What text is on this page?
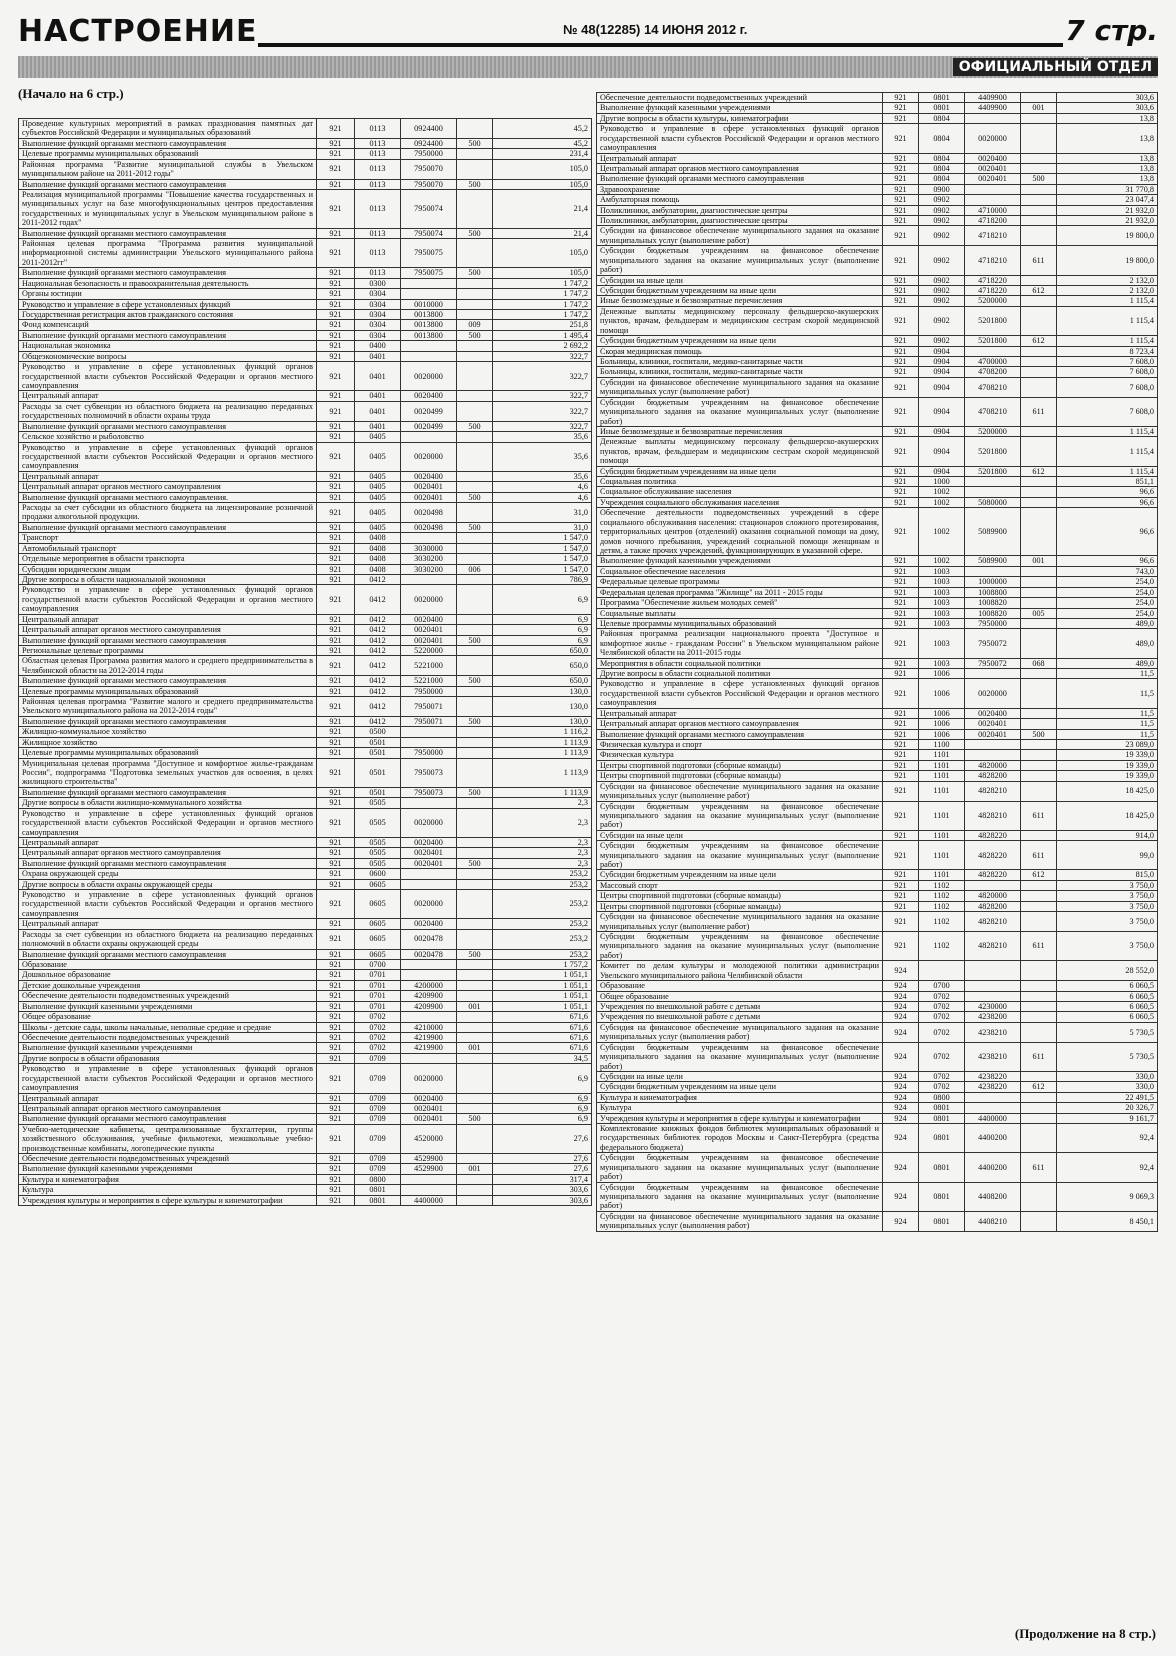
НАСТРОЕНИЕ	№ 48(12285) 14 ИЮНЯ 2012 г.	7 стр.
ОФИЦИАЛЬНЫЙ ОТДЕЛ
(Начало на 6 стр.)
Проведение культурных мероприятий в рамках празднования памятных дат субъектов Российской Федерации и муниципальных образований	921	0113	0924400		45,2
Выполнение функций органами местного самоуправления	921	0113	0924400	500	45,2
Целевые программы муниципальных образований	921	0113	7950000		231,4
Районная программа "Развитие муниципальной службы в Увельском муниципальном районе на 2011-2012 годы"	921	0113	7950070		105,0
Выполнение функций органами местного самоуправления	921	0113	7950070	500	105,0
Реализация муниципальной программы "Повышение качества государственных и муниципальных услуг на базе многофункциональных центров предоставления государственных и муниципальных услуг в Увельском муниципальном районе в 2011-2012 годах"	921	0113	7950074		21,4
Выполнение функций органами местного самоуправления	921	0113	7950074	500	21,4
Районная целевая программа "Программа развития муниципальной информационной системы администрации Увельского муниципального района 2011-2012гг"	921	0113	7950075		105,0
Выполнение функций органами местного самоуправления	921	0113	7950075	500	105,0
Национальная безопасность и правоохранительная деятельность	921	0300			1 747,2
Органы юстиции	921	0304			1 747,2
Руководство и управление в сфере установленных функций	921	0304	0010000		1 747,2
Государственная регистрация актов гражданского состояния	921	0304	0013800		1 747,2
Фонд компенсаций	921	0304	0013800	009	251,8
Выполнение функций органами местного самоуправления	921	0304	0013800	500	1 495,4
Национальная экономика	921	0400			2 692,2
Общеэкономические вопросы	921	0401			322,7
Руководство и управление в сфере установленных функций органов государственной власти субъектов Российской Федерации и органов местного самоуправления	921	0401	0020000		322,7
Центральный аппарат	921	0401	0020400		322,7
Расходы за счет субвенции из областного бюджета на реализацию переданных государственных полномочий в области охраны труда	921	0401	0020499		322,7
Выполнение функций органами местного самоуправления	921	0401	0020499	500	322,7
Сельское хозяйство и рыболовство	921	0405			35,6
Руководство и управление в сфере установленных функций органов государственной власти субъектов Российской Федерации и органов местного самоуправления	921	0405	0020000		35,6
Центральный аппарат	921	0405	0020400		35,6
Центральный аппарат органов местного самоуправления	921	0405	0020401		4,6
Выполнение функций органами местного самоуправления.	921	0405	0020401	500	4,6
Расходы за счет субсидии из областного бюджета на лицензирование розничной продажи алкогольной продукции.	921	0405	0020498		31,0
Выполнение функций органами местного самоуправления	921	0405	0020498	500	31,0
Транспорт	921	0408			1 547,0
Автомобильный транспорт	921	0408	3030000		1 547,0
Отдельные мероприятия в области транспорта	921	0408	3030200		1 547,0
Субсидии юридическим лицам	921	0408	3030200	006	1 547,0
Другие вопросы в области национальной экономики	921	0412			786,9
Руководство и управление в сфере установленных функций органов государственной власти субъектов Российской Федерации и органов местного самоуправления	921	0412	0020000		6,9
Центральный аппарат	921	0412	0020400		6,9
Центральный аппарат органов местного самоуправления	921	0412	0020401		6,9
Выполнение функций органами местного самоуправления	921	0412	0020401	500	6,9
Региональные целевые программы	921	0412	5220000		650,0
Областная целевая Программа развития малого и среднего предпринимательства в Челябинской области на 2012-2014 годы	921	0412	5221000		650,0
Выполнение функций органами местного самоуправления	921	0412	5221000	500	650,0
Целевые программы муниципальных образований	921	0412	7950000		130,0
Районная целевая программа "Развитие малого и среднего предпринимательства Увельского муниципального района на 2012-2014 годы"	921	0412	7950071		130,0
Выполнение функций органами местного самоуправления	921	0412	7950071	500	130,0
Жилищно-коммунальное хозяйство	921	0500			1 116,2
Жилищное хозяйство	921	0501			1 113,9
Целевые программы муниципальных образований	921	0501	7950000		1 113,9
Муниципальная целевая программа "Доступное и комфортное жилье-гражданам России", подпрограмма "Подготовка земельных участков для освоения, в целях жилищного строительства"	921	0501	7950073		1 113,9
Выполнение функций органами местного самоуправления	921	0501	7950073	500	1 113,9
Другие вопросы в области жилищно-коммунального хозяйства	921	0505			2,3
Руководство и управление в сфере установленных функций органов государственной власти субъектов Российской Федерации и органов местного самоуправления	921	0505	0020000		2,3
Центральный аппарат	921	0505	0020400		2,3
Центральный аппарат органов местного самоуправления	921	0505	0020401		2,3
Выполнение функций органами местного самоуправления	921	0505	0020401	500	2,3
Охрана окружающей среды	921	0600			253,2
Другие вопросы в области охраны окружающей среды	921	0605			253,2
Руководство и управление в сфере установленных функций органов государственной власти субъектов Российской Федерации и органов местного самоуправления	921	0605	0020000		253,2
Центральный аппарат	921	0605	0020400		253,2
Расходы за счет субвенции из областного бюджета на реализацию переданных полномочий в области охраны окружающей среды	921	0605	0020478		253,2
Выполнение функций органами местного самоуправления	921	0605	0020478	500	253,2
Образование	921	0700			1 757,2
Дошкольное образование	921	0701			1 051,1
Детские дошкольные учреждения	921	0701	4200000		1 051,1
Обеспечение деятельности подведомственных учреждений	921	0701	4209900		1 051,1
Выполнение функций казенными учреждениями	921	0701	4209900	001	1 051,1
Общее образование	921	0702			671,6
Школы - детские сады, школы начальные, неполные средние и средние	921	0702	4210000		671,6
Обеспечение деятельности подведомственных учреждений	921	0702	4219900		671,6
Выполнение функций казенными учреждениями	921	0702	4219900	001	671,6
Другие вопросы в области образования	921	0709			34,5
Руководство и управление в сфере установленных функций органов государственной власти субъектов Российской Федерации и органов местного самоуправления	921	0709	0020000		6,9
Центральный аппарат	921	0709	0020400		6,9
Центральный аппарат органов местного самоуправления	921	0709	0020401		6,9
Выполнение функций органами местного самоуправления	921	0709	0020401	500	6,9
Учебно-методические кабинеты, централизованные бухгалтерии, группы хозяйственного обслуживания, учебные фильмотеки, межшкольные учебно-производственные комбинаты, логопедические пункты	921	0709	4520000		27,6
Обеспечение деятельности подведомственных учреждений	921	0709	4529900		27,6
Выполнение функций казенными учреждениями	921	0709	4529900	001	27,6
Культура и кинематография	921	0800			317,4
Культура	921	0801			303,6
Учреждения культуры и мероприятия в сфере культуры и кинематографии	921	0801	4400000		303,6
Обеспечение деятельности подведомственных учреждений	921	0801	4409900		303,6
Выполнение функций казенными учреждениями	921	0801	4409900	001	303,6
Другие вопросы в области культуры, кинематографии	921	0804			13,8
Руководство и управление в сфере установленных функций органов государственной власти субъектов Российской Федерации и органов местного самоуправления	921	0804	0020000		13,8
Центральный аппарат	921	0804	0020400		13,8
Центральный аппарат органов местного самоуправления	921	0804	0020401		13,8
Выполнение функций органами местного самоуправления	921	0804	0020401	500	13,8
Здравоохранение	921	0900			31 770,8
Амбулаторная помощь	921	0902			23 047,4
Поликлиники, амбулатории, диагностические центры	921	0902	4710000		21 932,0
Поликлиники, амбулатории, диагностические центры	921	0902	4718200		21 932,0
Субсидии на финансовое обеспечение муниципального задания на оказание муниципальных услуг (выполнение работ)	921	0902	4718210		19 800,0
Субсидии бюджетным учреждениям на финансовое обеспечение муниципального задания на оказание муниципальных услуг (выполнение работ)	921	0902	4718210	611	19 800,0
Субсидии на иные цели	921	0902	4718220		2 132,0
Субсидии бюджетным учреждениям на иные цели	921	0902	4718220	612	2 132,0
Иные безвозмездные и безвозвратные перечисления	921	0902	5200000		1 115,4
Денежные выплаты медицинскому персоналу фельдшерско-акушерских пунктов, врачам, фельдшерам и медицинским сестрам скорой медицинской помощи	921	0902	5201800		1 115,4
Субсидии бюджетным учреждениям на иные цели	921	0902	5201800	612	1 115,4
Скорая медицинская помощь	921	0904			8 723,4
Больницы, клиники, госпитали, медико-санитарные части	921	0904	4700000		7 608,0
Больницы, клиники, госпитали, медико-санитарные части	921	0904	4708200		7 608,0
Субсидии на финансовое обеспечение муниципального задания на оказание муниципальных услуг (выполнение работ)	921	0904	4708210		7 608,0
Субсидии бюджетным учреждениям на финансовое обеспечение муниципального задания на оказание муниципальных услуг (выполнение работ)	921	0904	4708210	611	7 608,0
Иные безвозмездные и безвозвратные перечисления	921	0904	5200000		1 115,4
Денежные выплаты медицинскому персоналу фельдшерско-акушерских пунктов, врачам, фельдшерам и медицинским сестрам скорой медицинской помощи	921	0904	5201800		1 115,4
Субсидии бюджетным учреждениям на иные цели	921	0904	5201800	612	1 115,4
Социальная политика	921	1000			851,1
Социальное обслуживание населения	921	1002			96,6
Учреждения социального обслуживания населения	921	1002	5080000		96,6
Обеспечение деятельности подведомственных учреждений в сфере социального обслуживания населения: стационаров сложного протезирования, территориальных центров (отделений) оказания социальной помощи на дому, домов ночного пребывания, учреждений социальной помощи женщинам и детям, а также прочих учреждений, функционирующих в указанной сфере.	921	1002	5089900		96,6
Выполнение функций казенными учреждениями	921	1002	5089900	001	96,6
Социальное обеспечение населения	921	1003			743,0
Федеральные целевые программы	921	1003	1000000		254,0
Федеральная целевая программа "Жилище" на 2011 - 2015 годы	921	1003	1008800		254,0
Программа "Обеспечение жильем молодых семей"	921	1003	1008820		254,0
Социальные выплаты	921	1003	1008820	005	254,0
Целевые программы муниципальных образований	921	1003	7950000		489,0
Районная программа реализации национального проекта "Доступное и комфортное жилье - гражданам России" в Увельском муниципальном районе Челябинской области на 2011-2015 годы	921	1003	7950072		489,0
Мероприятия в области социальной политики	921	1003	7950072	068	489,0
Другие вопросы в области социальной политики	921	1006			11,5
Руководство и управление в сфере установленных функций органов государственной власти субъектов Российской Федерации и органов местного самоуправления	921	1006	0020000		11,5
Центральный аппарат	921	1006	0020400		11,5
Центральный аппарат органов местного самоуправления	921	1006	0020401		11,5
Выполнение функций органами местного самоуправления	921	1006	0020401	500	11,5
Физическая культура и спорт	921	1100			23 089,0
Физическая культура	921	1101			19 339,0
Центры спортивной подготовки (сборные команды)	921	1101	4820000		19 339,0
Центры спортивной подготовки (сборные команды)	921	1101	4828200		19 339,0
Субсидии на финансовое обеспечение муниципального задания на оказание муниципальных услуг (выполнение работ)	921	1101	4828210		18 425,0
Субсидии бюджетным учреждениям на финансовое обеспечение муниципального задания на оказание муниципальных услуг (выполнение работ)	921	1101	4828210	611	18 425,0
Субсидии на иные цели	921	1101	4828220		914,0
Субсидии бюджетным учреждениям на финансовое обеспечение муниципального задания на оказание муниципальных услуг (выполнение работ)	921	1101	4828220	611	99,0
Субсидии бюджетным учреждениям на иные цели	921	1101	4828220	612	815,0
Массовый спорт	921	1102			3 750,0
Центры спортивной подготовки (сборные команды)	921	1102	4820000		3 750,0
Центры спортивной подготовки (сборные команды)	921	1102	4828200		3 750,0
Субсидии на финансовое обеспечение муниципального задания на оказание муниципальных услуг (выполнение работ)	921	1102	4828210		3 750,0
Субсидии бюджетным учреждениям на финансовое обеспечение муниципального задания на оказание муниципальных услуг (выполнение работ)	921	1102	4828210	611	3 750,0
Комитет по делам культуры и молодежной политики администрации Увельского муниципального района Челябинской области	924				28 552,0
Образование	924	0700			6 060,5
Общее образование	924	0702			6 060,5
Учреждения по внешкольной работе с детьми	924	0702	4230000		6 060,5
Учреждения по внешкольной работе с детьми	924	0702	4238200		6 060,5
Субсидия на финансовое обеспечение муниципального задания на оказание муниципальных услуг (выполнения работ)	924	0702	4238210		5 730,5
Субсидии бюджетным учреждениям на финансовое обеспечение муниципального задания на оказание муниципальных услуг (выполнение работ)	924	0702	4238210	611	5 730,5
Субсидии на иные цели	924	0702	4238220		330,0
Субсидии бюджетным учреждениям на иные цели	924	0702	4238220	612	330,0
Культура и кинематография	924	0800			22 491,5
Культура	924	0801			20 326,7
Учреждения культуры и мероприятия в сфере культуры и кинематографии	924	0801	4400000		9 161,7
Комплектование книжных фондов библиотек муниципальных образований и государственных библиотек городов Москвы и Санкт-Петербурга (средства федерального бюджета)	924	0801	4400200		92,4
Субсидии бюджетным учреждениям на финансовое обеспечение муниципального задания на оказание муниципальных услуг (выполнение работ)	924	0801	4400200	611	92,4
Субсидии бюджетным учреждениям на финансовое обеспечение муниципального задания на оказание муниципальных услуг (выполнение работ)	924	0801	4408200		9 069,3
Субсидии на финансовое обеспечение муниципального задания на оказание муниципальных услуг (выполнения работ)	924	0801	4408210		8 450,1
(Продолжение на 8 стр.)
